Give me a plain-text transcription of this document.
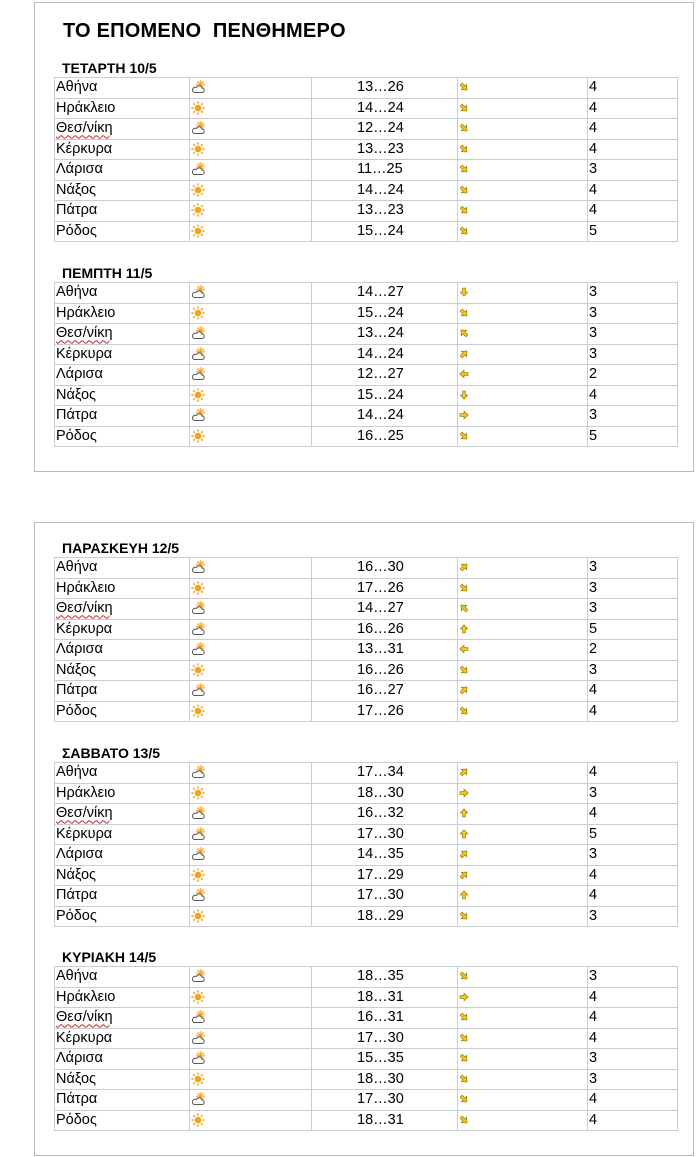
ΤΟ ΕΠΟΜΕΝΟ  ΠΕΝΘΗΜΕΡΟ
ΤΕΤΑΡΤΗ 10/5
Αθήνα		13…26		4
Ηράκλειο		14…24		4
Θεσ/νίκη		12…24		4
Κέρκυρα		13…23		4
Λάρισα		11…25		3
Νάξος		14…24		4
Πάτρα		13…23		4
Ρόδος		15…24		5
ΠΕΜΠΤΗ 11/5
Αθήνα		14…27		3
Ηράκλειο		15…24		3
Θεσ/νίκη		13…24		3
Κέρκυρα		14…24		3
Λάρισα		12…27		2
Νάξος		15…24		4
Πάτρα		14…24		3
Ρόδος		16…25		5
ΠΑΡΑΣΚΕΥΗ 12/5
Αθήνα		16…30		3
Ηράκλειο		17…26		3
Θεσ/νίκη		14…27		3
Κέρκυρα		16…26		5
Λάρισα		13…31		2
Νάξος		16…26		3
Πάτρα		16…27		4
Ρόδος		17…26		4
ΣΑΒΒΑΤΟ 13/5
Αθήνα		17…34		4
Ηράκλειο		18…30		3
Θεσ/νίκη		16…32		4
Κέρκυρα		17…30		5
Λάρισα		14…35		3
Νάξος		17…29		4
Πάτρα		17…30		4
Ρόδος		18…29		3
ΚΥΡΙΑΚΗ 14/5
Αθήνα		18…35		3
Ηράκλειο		18…31		4
Θεσ/νίκη		16…31		4
Κέρκυρα		17…30		4
Λάρισα		15…35		3
Νάξος		18…30		3
Πάτρα		17…30		4
Ρόδος		18…31		4
